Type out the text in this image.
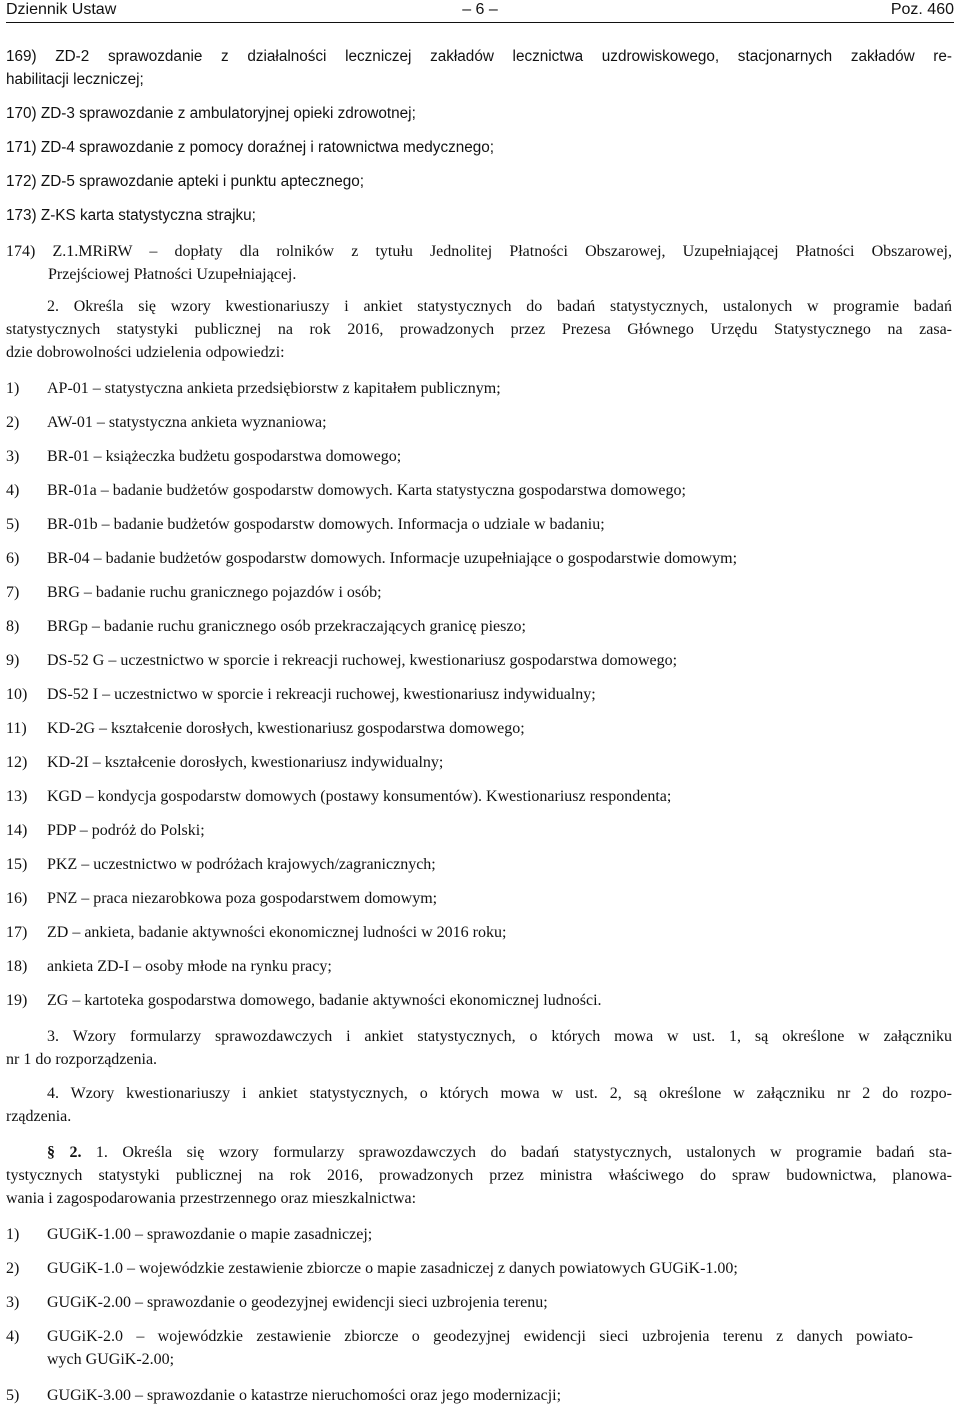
Dziennik Ustaw	– 6 –	Poz. 460
169) ZD-2 sprawozdanie z działalności leczniczej zakładów lecznictwa uzdrowiskowego, stacjonarnych zakładów re-
habilitacji leczniczej;
170) ZD-3 sprawozdanie z ambulatoryjnej opieki zdrowotnej;
171) ZD-4 sprawozdanie z pomocy doraźnej i ratownictwa medycznego;
172) ZD-5 sprawozdanie apteki i punktu aptecznego;
173) Z-KS karta statystyczna strajku;
174) Z.1.MRiRW – dopłaty dla rolników z tytułu Jednolitej Płatności Obszarowej, Uzupełniającej Płatności Obszarowej,
Przejściowej Płatności Uzupełniającej.
2. Określa się wzory kwestionariuszy i ankiet statystycznych do badań statystycznych, ustalonych w programie badań
statystycznych statystyki publicznej na rok 2016, prowadzonych przez Prezesa Głównego Urzędu Statystycznego na zasa-
dzie dobrowolności udzielenia odpowiedzi:
1) AP-01 – statystyczna ankieta przedsiębiorstw z kapitałem publicznym;
2) AW-01 – statystyczna ankieta wyznaniowa;
3) BR-01 – książeczka budżetu gospodarstwa domowego;
4) BR-01a – badanie budżetów gospodarstw domowych. Karta statystyczna gospodarstwa domowego;
5) BR-01b – badanie budżetów gospodarstw domowych. Informacja o udziale w badaniu;
6) BR-04 – badanie budżetów gospodarstw domowych. Informacje uzupełniające o gospodarstwie domowym;
7) BRG – badanie ruchu granicznego pojazdów i osób;
8) BRGp – badanie ruchu granicznego osób przekraczających granicę pieszo;
9) DS-52 G – uczestnictwo w sporcie i rekreacji ruchowej, kwestionariusz gospodarstwa domowego;
10) DS-52 I – uczestnictwo w sporcie i rekreacji ruchowej, kwestionariusz indywidualny;
11) KD-2G – kształcenie dorosłych, kwestionariusz gospodarstwa domowego;
12) KD-2I – kształcenie dorosłych, kwestionariusz indywidualny;
13) KGD – kondycja gospodarstw domowych (postawy konsumentów). Kwestionariusz respondenta;
14) PDP – podróż do Polski;
15) PKZ – uczestnictwo w podróżach krajowych/zagranicznych;
16) PNZ – praca niezarobkowa poza gospodarstwem domowym;
17) ZD – ankieta, badanie aktywności ekonomicznej ludności w 2016 roku;
18) ankieta ZD-I – osoby młode na rynku pracy;
19) ZG – kartoteka gospodarstwa domowego, badanie aktywności ekonomicznej ludności.
3. Wzory formularzy sprawozdawczych i ankiet statystycznych, o których mowa w ust. 1, są określone w załączniku
nr 1 do rozporządzenia.
4. Wzory kwestionariuszy i ankiet statystycznych, o których mowa w ust. 2, są określone w załączniku nr 2 do rozpo-
rządzenia.
§ 2. 1. Określa się wzory formularzy sprawozdawczych do badań statystycznych, ustalonych w programie badań sta-
tystycznych statystyki publicznej na rok 2016, prowadzonych przez ministra właściwego do spraw budownictwa, planowa-
wania i zagospodarowania przestrzennego oraz mieszkalnictwa:
1) GUGiK-1.00 – sprawozdanie o mapie zasadniczej;
2) GUGiK-1.0 – wojewódzkie zestawienie zbiorcze o mapie zasadniczej z danych powiatowych GUGiK-1.00;
3) GUGiK-2.00 – sprawozdanie o geodezyjnej ewidencji sieci uzbrojenia terenu;
4) GUGiK-2.0 – wojewódzkie zestawienie zbiorcze o geodezyjnej ewidencji sieci uzbrojenia terenu z danych powiato-
wych GUGiK-2.00;
5) GUGiK-3.00 – sprawozdanie o katastrze nieruchomości oraz jego modernizacji;
